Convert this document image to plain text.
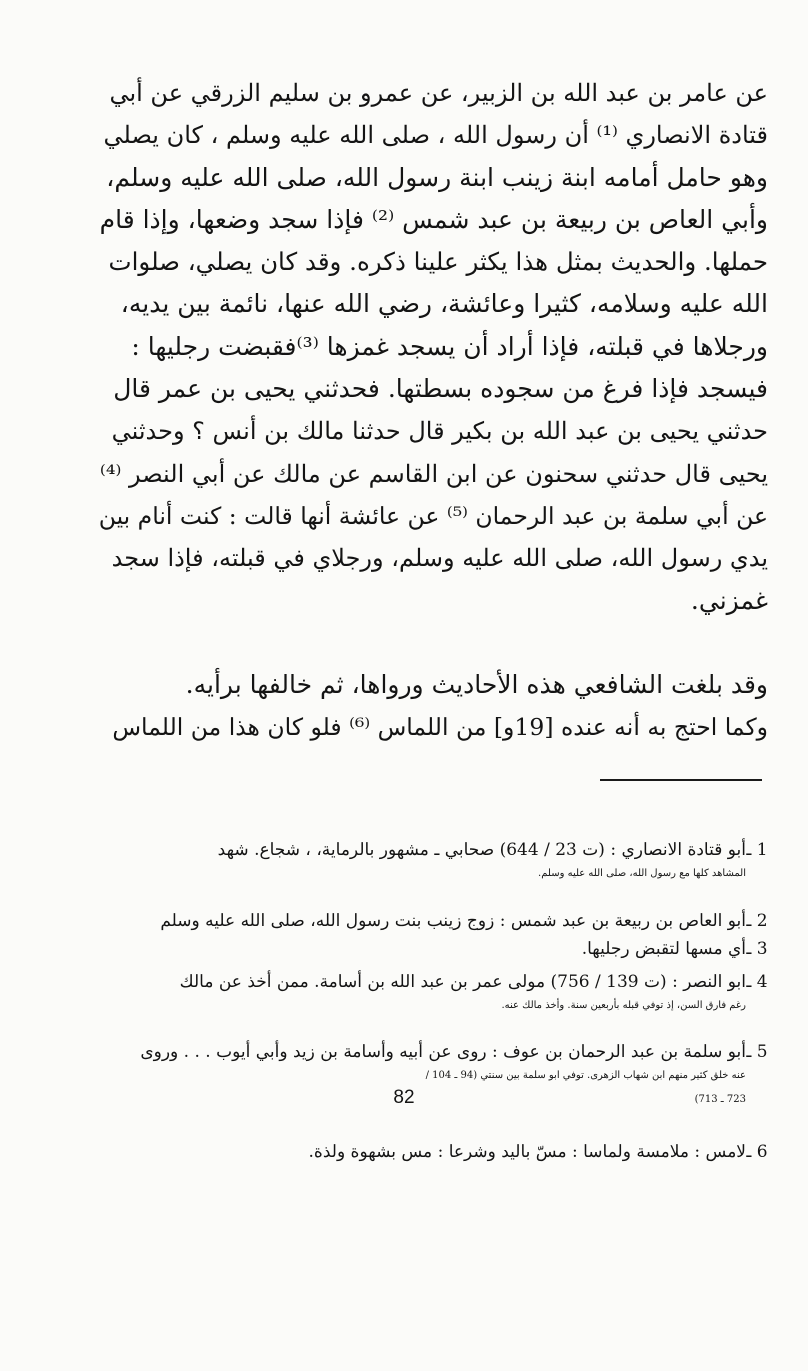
عن عامر بن عبد الله بن الزبير، عن عمرو بن سليم الزرقي عن أبي
قتادة الانصاري ⁽¹⁾ أن رسول الله ، صلى الله عليه وسلم ، كان يصلي
وهو حامل أمامه ابنة زينب ابنة رسول الله، صلى الله عليه وسلم،
وأبي العاص بن ربيعة بن عبد شمس ⁽²⁾ فإذا سجد وضعها، وإذا قام
حملها. والحديث بمثل هذا يكثر علينا ذكره. وقد كان يصلي، صلوات
الله عليه وسلامه، كثيرا وعائشة، رضي الله عنها، نائمة بين يديه،
ورجلاها في قبلته، فإذا أراد أن يسجد غمزها ⁽³⁾فقبضت رجليها :
فيسجد فإذا فرغ من سجوده بسطتها. فحدثني يحيى بن عمر قال
حدثني يحيى بن عبد الله بن بكير قال حدثنا مالك بن أنس ؟ وحدثني
يحيى قال حدثني سحنون عن ابن القاسم عن مالك عن أبي النصر ⁽⁴⁾
عن أبي سلمة بن عبد الرحمان ⁽⁵⁾ عن عائشة أنها قالت : كنت أنام بين
يدي رسول الله، صلى الله عليه وسلم، ورجلاي في قبلته، فإذا سجد
غمزني.

وقد بلغت الشافعي هذه الأحاديث ورواها، ثم خالفها برأيه.
وكما احتج به أنه عنده [19و] من اللماس ⁽⁶⁾ فلو كان هذا من اللماس

1 ـأبو قتادة الانصاري : (ت 23 / 644) صحابي ـ مشهور بالرماية، ، شجاع. شهد
المشاهد كلها مع رسول الله، صلى الله عليه وسلم.
2 ـأبو العاص بن ربيعة بن عبد شمس : زوج زينب بنت رسول الله، صلى الله عليه وسلم
3 ـأي مسها لتقبض رجليها.
4 ـابو النصر : (ت 139 / 756) مولى عمر بن عبد الله بن أسامة. ممن أخذ عن مالك
رغم فارق السن، إذ توفي قبله بأربعين سنة. وأخذ مالك عنه.
5 ـأبو سلمة بن عبد الرحمان بن عوف : روى عن أبيه وأسامة بن زيد وأبي أيوب . . . وروى
عنه خلق كثير منهم ابن شهاب الزهرى. توفي ابو سلمة بين سنتي (94 ـ 104 /
723 ـ 713)
6 ـلامس : ملامسة ولماسا : مسّ باليد وشرعا : مس بشهوة ولذة.
82
